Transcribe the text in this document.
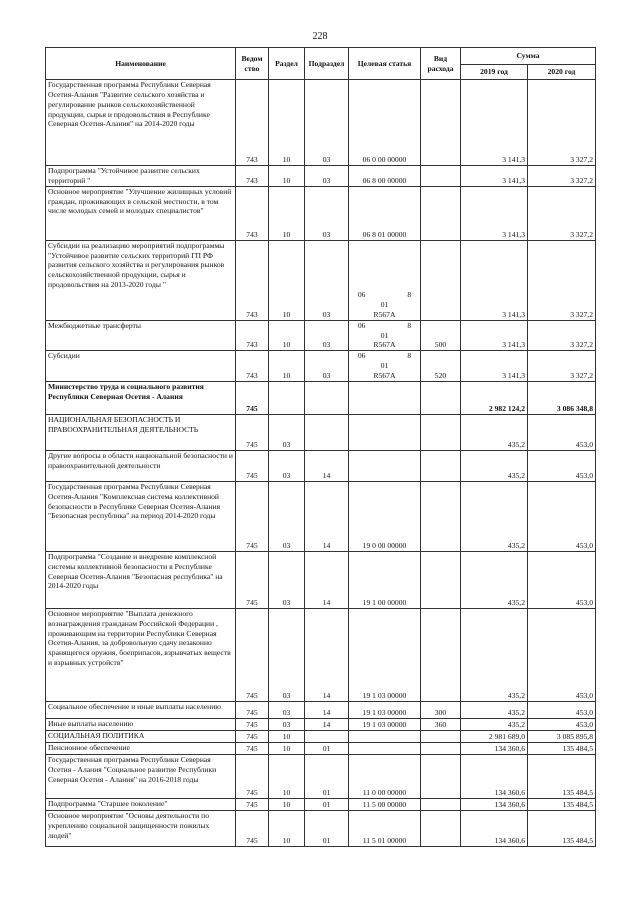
228
Наименование	Ведом ство	Раздел	Подраздел	Целевая статья	Вид расхода	Сумма	
						2019 год	2020 год
Государственная программа Республики Северная Осетия-Алания "Развитие сельского хозяйства и регулирование рынков сельскохозяйственной продукции, сырья и продовольствия в Республике Северная Осетия-Алания" на 2014-2020 годы	743	10	03	06 0 00 00000		3 141,3	3 327,2
Подпрограмма "Устойчивое развитие сельских территорий "	743	10	03	06 8 00 00000		3 141,3	3 327,2
Основное мероприятие "Улучшение жилищных условий граждан, проживающих в сельской местности, в том числе молодых семей и молодых специалистов"	743	10	03	06 8 01 00000		3 141,3	3 327,2
Субсидии на реализацию мероприятий подпрограммы "Устойчивое развитие сельских территорий ГП РФ развития сельского хозяйства и регулирования рынков сельскохозяйственной продукции, сырья и продовольствия на 2013-2020 годы "	743	10	03	06 8 01 R567A		3 141,3	3 327,2
Межбюджетные трансферты	743	10	03	06 8 01 R567A	500	3 141,3	3 327,2
Субсидии	743	10	03	06 8 01 R567A	520	3 141,3	3 327,2
Министерство труда и социального развития Республики Северная Осетия - Алания	745					2 982 124,2	3 086 348,8
НАЦИОНАЛЬНАЯ БЕЗОПАСНОСТЬ И ПРАВООХРАНИТЕЛЬНАЯ ДЕЯТЕЛЬНОСТЬ	745	03				435,2	453,0
Другие вопросы в области национальной безопасности и правоохранительной деятельности	745	03	14			435,2	453,0
Государственная программа Республики Северная Осетия-Алания "Комплексная система коллективной безопасности в Республике Северная Осетия-Алания "Безопасная республика" на период 2014-2020 годы	745	03	14	19 0 00 00000		435,2	453,0
Подпрограмма "Создание и внедрение комплексной системы коллективной безопасности в Республике Северная Осетия-Алания "Безопасная республика" на 2014-2020 годы	745	03	14	19 1 00 00000		435,2	453,0
Основное мероприятие "Выплата денежного вознаграждения гражданам Российской Федерации , проживающим на территории Республики Северная Осетия-Алания, за добровольную сдачу незаконно хранящегося оружия, боеприпасов, взрывчатых веществ и взрывных устройств"	745	03	14	19 1 03 00000		435,2	453,0
Социальное обеспечение и иные выплаты населению	745	03	14	19 1 03 00000	300	435,2	453,0
Иные выплаты населению	745	03	14	19 1 03 00000	360	435,2	453,0
СОЦИАЛЬНАЯ ПОЛИТИКА	745	10				2 981 689,0	3 085 895,8
Пенсионное обеспечение	745	10	01			134 360,6	135 484,5
Государственная программа Республики Северная Осетия - Алания "Социальное развитие Республики Северная Осетия - Алания" на 2016-2018 годы	745	10	01	11 0 00 00000		134 360,6	135 484,5
Подпрограмма "Старшее поколение"	745	10	01	11 5 00 00000		134 360,6	135 484,5
Основное мероприятие "Основы деятельности по укреплению социальной защищенности пожилых людей"	745	10	01	11 5 01 00000		134 360,6	135 484,5
